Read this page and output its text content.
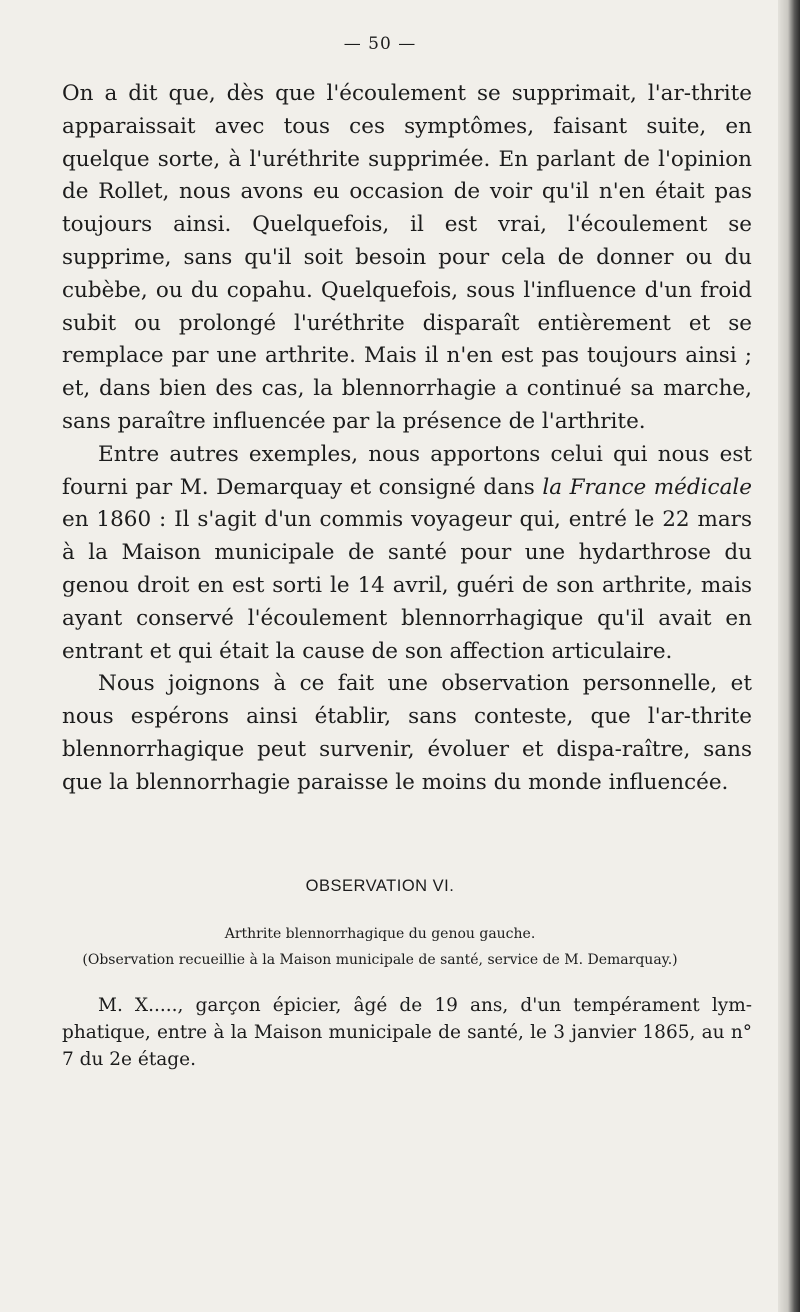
— 50 —

On a dit que, dès que l'écoulement se supprimait, l'ar-thrite apparaissait avec tous ces symptômes, faisant suite, en quelque sorte, à l'uréthrite supprimée. En parlant de l'opinion de Rollet, nous avons eu occasion de voir qu'il n'en était pas toujours ainsi. Quelquefois, il est vrai, l'écoulement se supprime, sans qu'il soit besoin pour cela de donner ou du cubèbe, ou du copahu. Quelquefois, sous l'influence d'un froid subit ou prolongé l'uréthrite disparaît entièrement et se remplace par une arthrite. Mais il n'en est pas toujours ainsi ; et, dans bien des cas, la blennorrhagie a continué sa marche, sans paraître influencée par la présence de l'arthrite.

Entre autres exemples, nous apportons celui qui nous est fourni par M. Demarquay et consigné dans la France médicale en 1860 : Il s'agit d'un commis voyageur qui, entré le 22 mars à la Maison municipale de santé pour une hydarthrose du genou droit en est sorti le 14 avril, guéri de son arthrite, mais ayant conservé l'écoulement blennorrhagique qu'il avait en entrant et qui était la cause de son affection articulaire.

Nous joignons à ce fait une observation personnelle, et nous espérons ainsi établir, sans conteste, que l'ar-thrite blennorrhagique peut survenir, évoluer et dispa-raître, sans que la blennorrhagie paraisse le moins du monde influencée.

OBSERVATION VI.
Arthrite blennorrhagique du genou gauche.
(Observation recueillie à la Maison municipale de santé, service de M. Demarquay.)
M. X....., garçon épicier, âgé de 19 ans, d'un tempérament lym-phatique, entre à la Maison municipale de santé, le 3 janvier 1865, au n° 7 du 2e étage.
